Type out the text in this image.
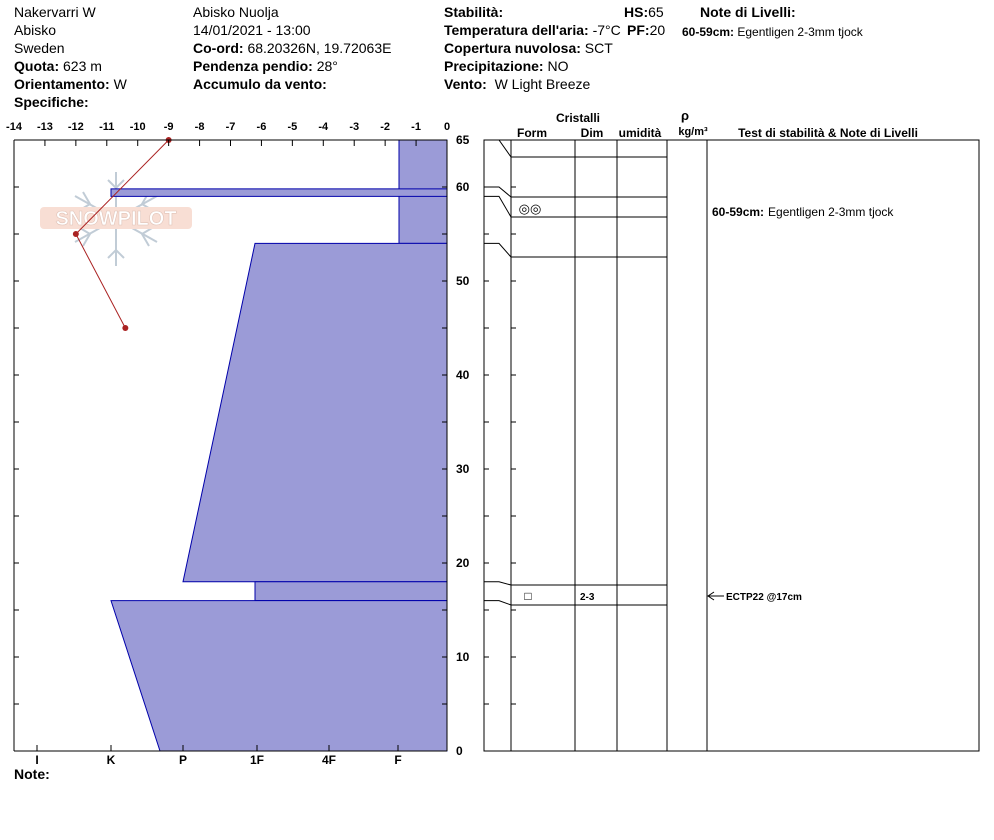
Nakervarri W
Abisko
Sweden
Quota: 623 m
Orientamento: W
Specifiche:
Abisko Nuolja
14/01/2021 - 13:00
Co-ord: 68.20326N, 19.72063E
Pendenza pendio: 28°
Accumulo da vento:
Stabilità:
Temperatura dell'aria: -7°C
Copertura nuvolosa: SCT
Precipitazione: NO
Vento: W Light Breeze
HS:65
PF:20
Note di Livelli:
60-59cm: Egentligen 2-3mm tjock
SNOWPILOT
-14 -13 -12 -11 -10 -9 -8 -7 -6 -5 -4 -3 -2 -1 0
0
10
20
30
40
50
60
65
I	K	P	1F	4F	F
Cristalli
Form	Dim umidità
ρ
kg/m³	Test di stabilità & Note di Livelli
◎◎
□	2-3
60-59cm: Egentligen 2-3mm tjock
ECTP22 @17cm
Note:
